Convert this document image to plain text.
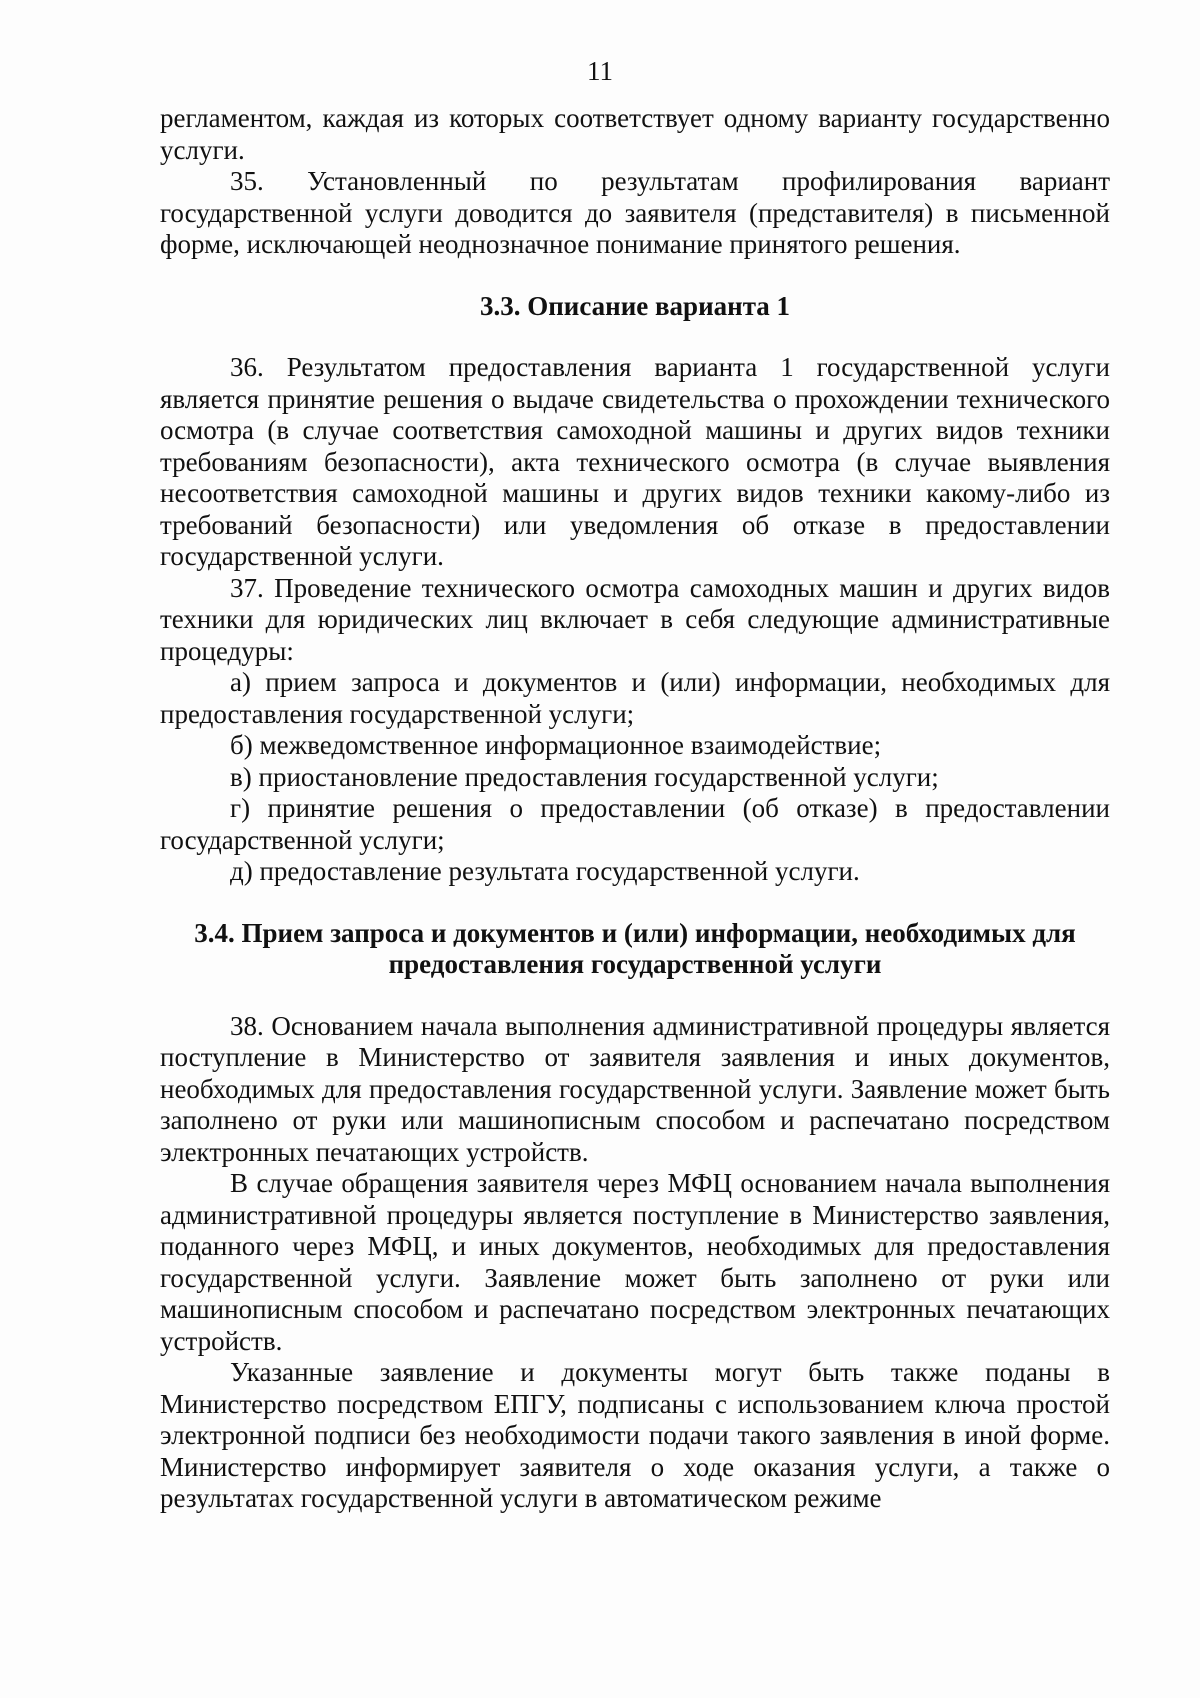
11

регламентом, каждая из которых соответствует одному варианту государственно услуги.

35. Установленный по результатам профилирования вариант государственной услуги доводится до заявителя (представителя) в письменной форме, исключающей неоднозначное понимание принятого решения.

3.3. Описание варианта 1

36. Результатом предоставления варианта 1 государственной услуги является принятие решения о выдаче свидетельства о прохождении технического осмотра (в случае соответствия самоходной машины и других видов техники требованиям безопасности), акта технического осмотра (в случае выявления несоответствия самоходной машины и других видов техники какому-либо из требований безопасности) или уведомления об отказе в предоставлении государственной услуги.

37. Проведение технического осмотра самоходных машин и других видов техники для юридических лиц включает в себя следующие административные процедуры:

а) прием запроса и документов и (или) информации, необходимых для предоставления государственной услуги;

б) межведомственное информационное взаимодействие;

в) приостановление предоставления государственной услуги;

г) принятие решения о предоставлении (об отказе) в предоставлении государственной услуги;

д) предоставление результата государственной услуги.

3.4. Прием запроса и документов и (или) информации, необходимых для предоставления государственной услуги

38. Основанием начала выполнения административной процедуры является поступление в Министерство от заявителя заявления и иных документов, необходимых для предоставления государственной услуги. Заявление может быть заполнено от руки или машинописным способом и распечатано посредством электронных печатающих устройств.

В случае обращения заявителя через МФЦ основанием начала выполнения административной процедуры является поступление в Министерство заявления, поданного через МФЦ, и иных документов, необходимых для предоставления государственной услуги. Заявление может быть заполнено от руки или машинописным способом и распечатано посредством электронных печатающих устройств.

Указанные заявление и документы могут быть также поданы в Министерство посредством ЕПГУ, подписаны с использованием ключа простой электронной подписи без необходимости подачи такого заявления в иной форме. Министерство информирует заявителя о ходе оказания услуги, а также о результатах государственной услуги в автоматическом режиме
